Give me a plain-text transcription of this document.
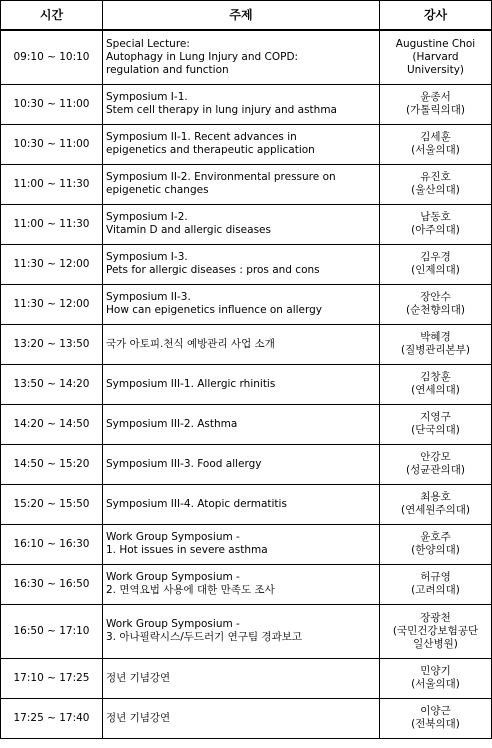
시간	주제	강사
09:10 ~ 10:10	Special Lecture:
Autophagy in Lung Injury and COPD:
regulation and function	Augustine Choi
(Harvard
University)

10:30 ~ 11:00	Symposium I-1.
Stem cell therapy in lung injury and asthma	윤종서
(가톨릭의대)

10:30 ~ 11:00	Symposium II-1. Recent advances in
epigenetics and therapeutic application	김세훈
(서울의대)

11:00 ~ 11:30	Symposium II-2. Environmental pressure on
epigenetic changes	유진호
(울산의대)

11:00 ~ 11:30	Symposium I-2.
Vitamin D and allergic diseases	남동호
(아주의대)

11:30 ~ 12:00	Symposium I-3.
Pets for allergic diseases : pros and cons	김우경
(인제의대)

11:30 ~ 12:00	Symposium II-3.
How can epigenetics influence on allergy	장안수
(순천향의대)

13:20 ~ 13:50	국가 아토피.천식 예방관리 사업 소개	박혜경
(질병관리본부)

13:50 ~ 14:20	Symposium III-1. Allergic rhinitis	김창훈
(연세의대)

14:20 ~ 14:50	Symposium III-2. Asthma	지영구
(단국의대)

14:50 ~ 15:20	Symposium III-3. Food allergy	안강모
(성균관의대)

15:20 ~ 15:50	Symposium III-4. Atopic dermatitis	최용호
(연세원주의대)

16:10 ~ 16:30	Work Group Symposium -
1. Hot issues in severe asthma	윤호주
(한양의대)

16:30 ~ 16:50	Work Group Symposium -
2. 면역요법 사용에 대한 만족도 조사	허규영
(고려의대)

16:50 ~ 17:10	Work Group Symposium -
3. 아나필락시스/두드러기 연구팀 경과보고	장광천
(국민건강보험공단
일산병원)

17:10 ~ 17:25	정년 기념강연	민양기
(서울의대)

17:25 ~ 17:40	정년 기념강연	이양근
(전북의대)
